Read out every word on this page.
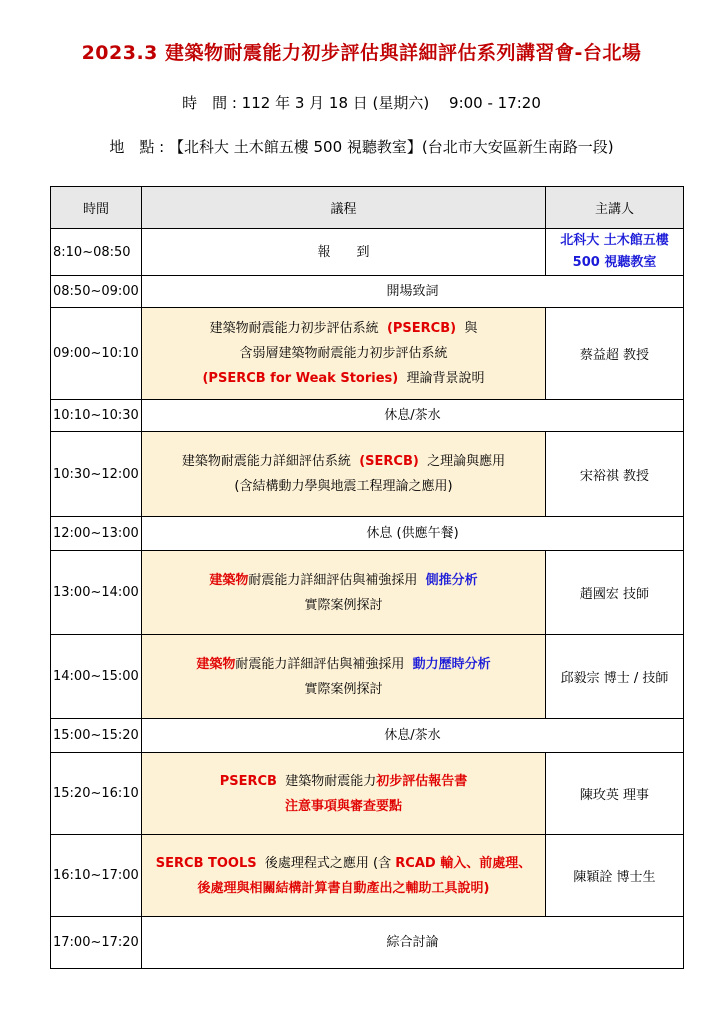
2023.3 建築物耐震能力初步評估與詳細評估系列講習會-台北場
時　間 : 112 年 3 月 18 日 (星期六)　 9:00 - 17:20
地　點 : 【北科大 土木館五樓 500 視聽教室】(台北市大安區新生南路一段)
時間	議程	主講人
8:10~08:50	報　　到	北科大 土木館五樓
500 視聽教室

08:50~09:00	開場致詞	
09:00~10:10	建築物耐震能力初步評估系統 (PSERCB) 與
含弱層建築物耐震能力初步評估系統
(PSERCB for Weak Stories) 理論背景說明	蔡益超 教授
10:10~10:30	休息/茶水	
10:30~12:00	建築物耐震能力詳細評估系統 (SERCB) 之理論與應用
(含結構動力學與地震工程理論之應用)	宋裕祺 教授
12:00~13:00	休息 (供應午餐)	
13:00~14:00	建築物耐震能力詳細評估與補強採用 側推分析
實際案例探討	趙國宏 技師
14:00~15:00	建築物耐震能力詳細評估與補強採用 動力歷時分析
實際案例探討	邱毅宗 博士 / 技師
15:00~15:20	休息/茶水	
15:20~16:10	PSERCB 建築物耐震能力初步評估報告書
注意事項與審查要點	陳玫英 理事
16:10~17:00	SERCB TOOLS 後處理程式之應用 (含 RCAD 輸入、前處理、
後處理與相關結構計算書自動產出之輔助工具說明)	陳穎詮 博士生
17:00~17:20	綜合討論	
